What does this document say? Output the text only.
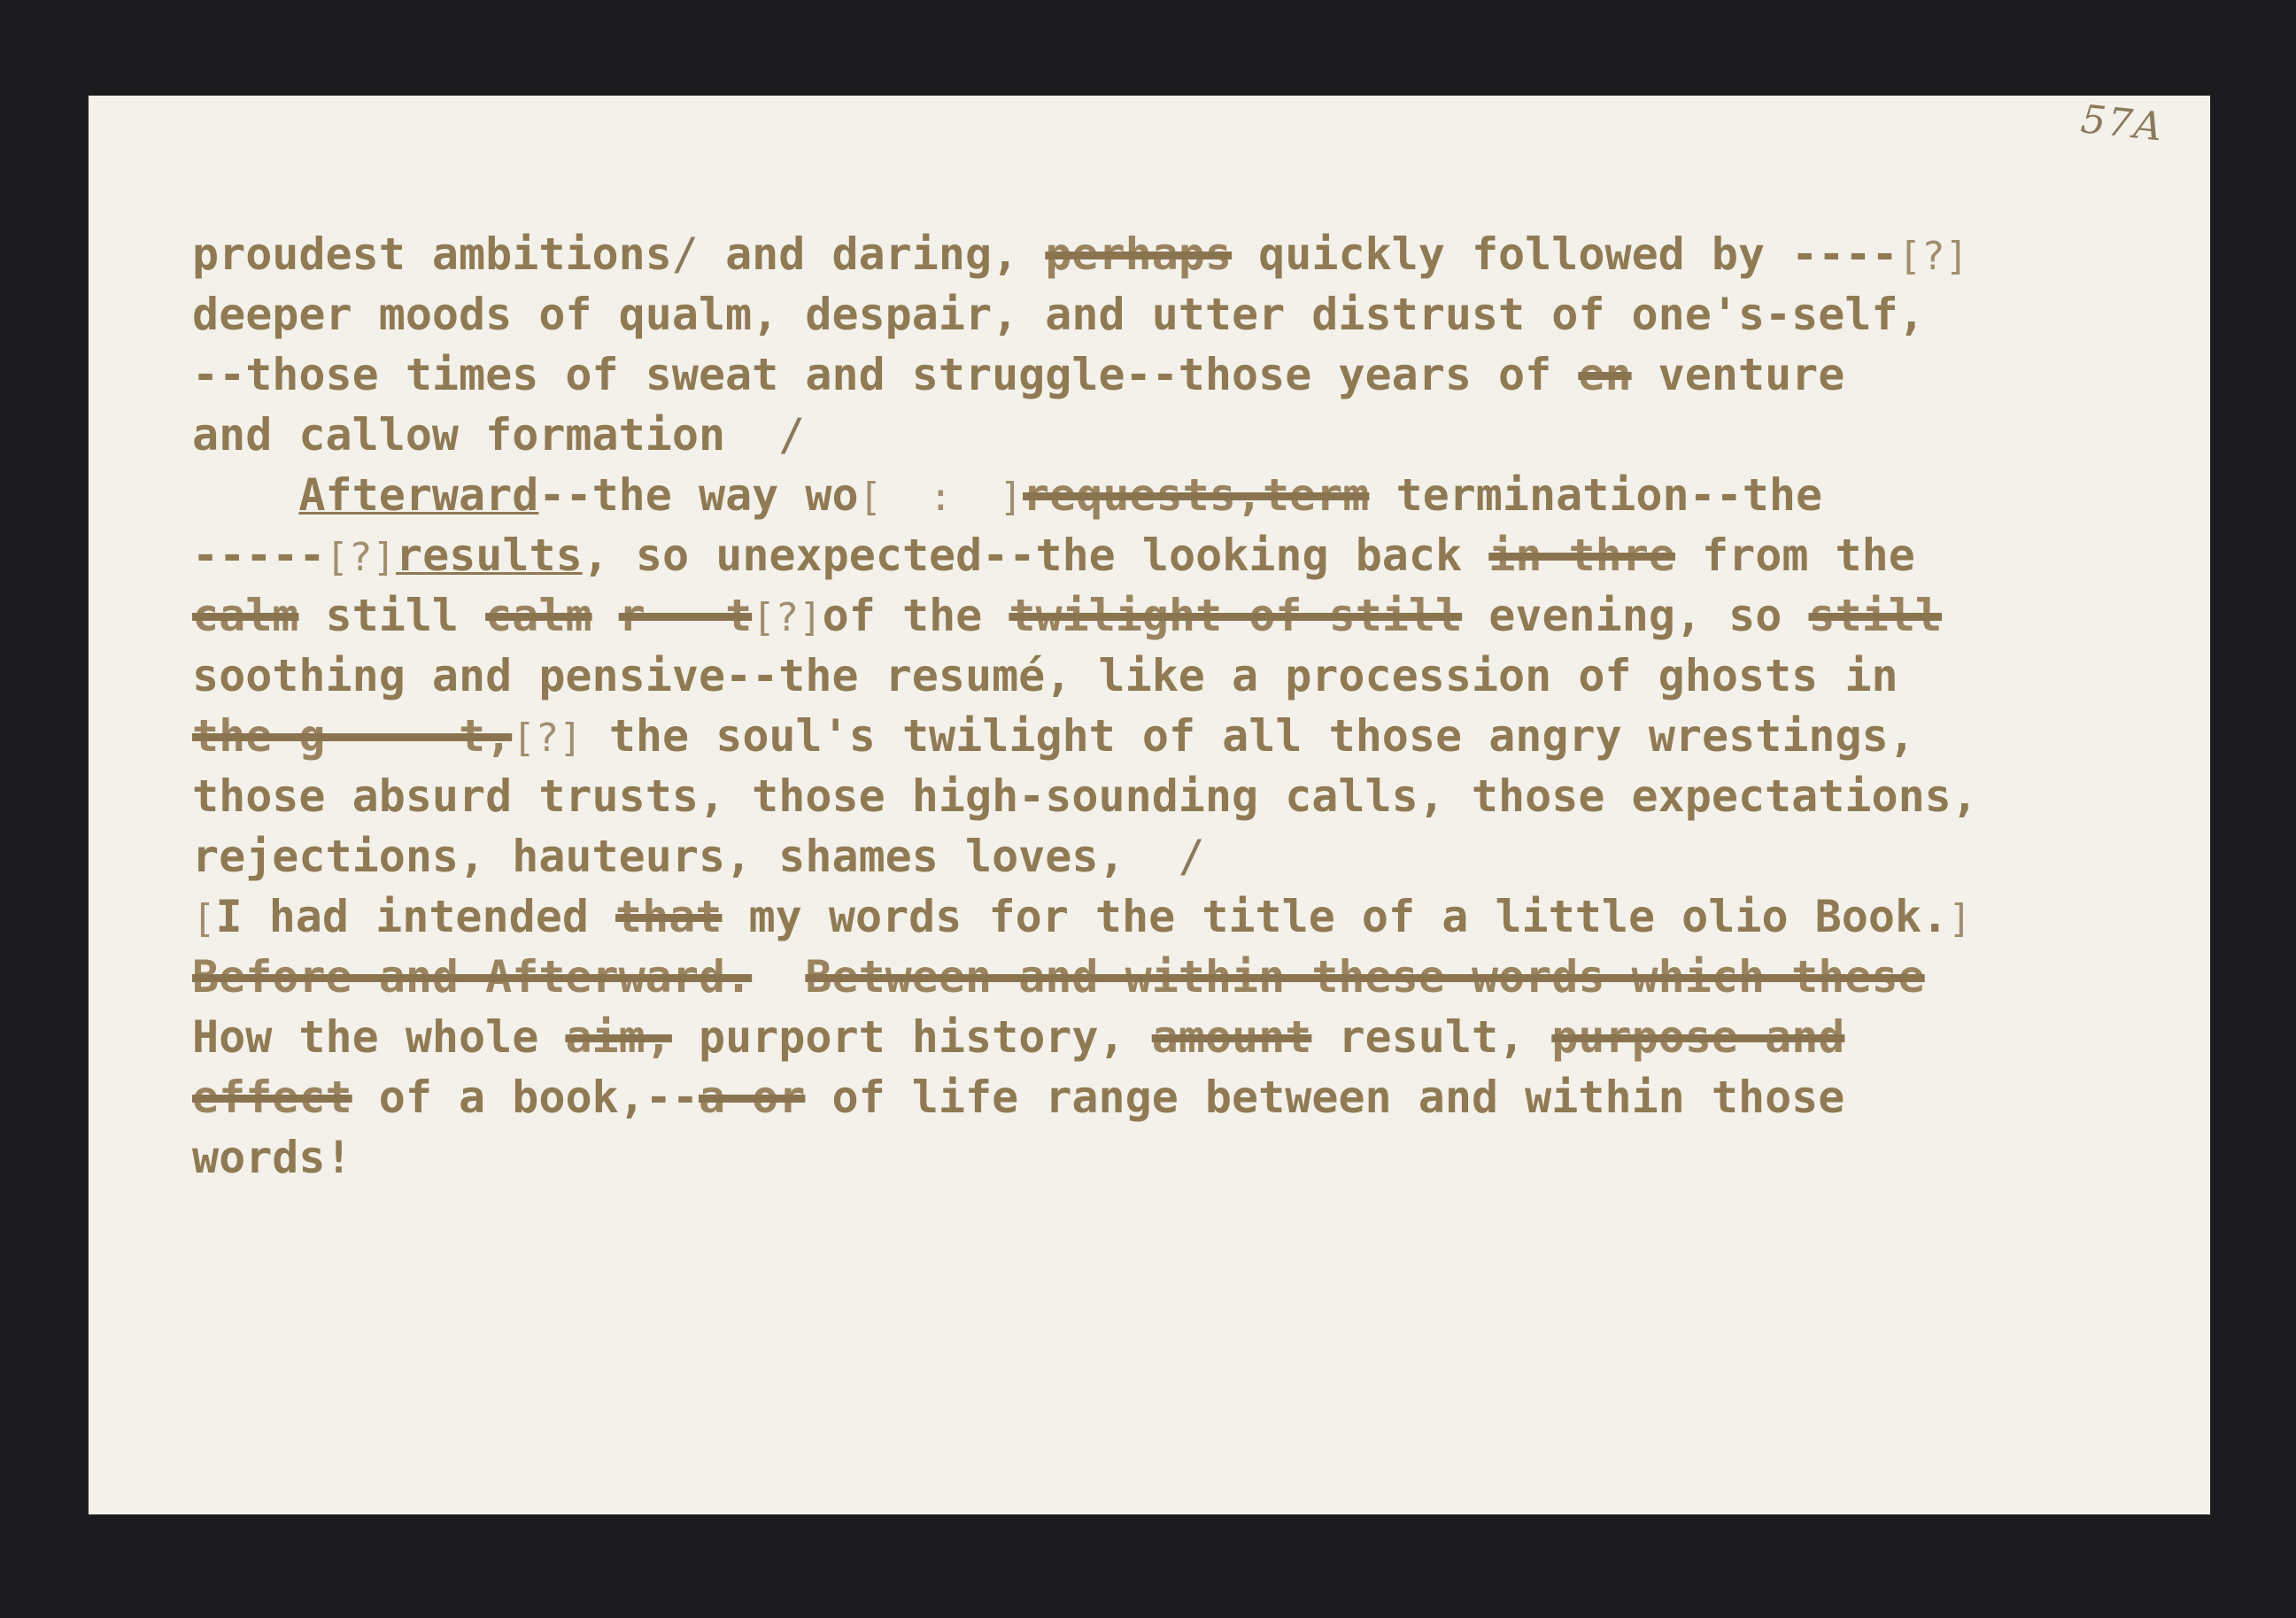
57A
proudest ambitions/ and daring, perhaps quickly followed by ----[?]
deeper moods of qualm, despair, and utter distrust of one's-self,
--those times of sweat and struggle--those years of en venture
and callow formation  /
Afterward--the way wo[  :  ]requests,term termination--the
-----[?]results, so unexpected--the looking back in thre from the
calm still calm r---t[?]of the twilight of still evening, so still
soothing and pensive--the resumé, like a procession of ghosts in
the g-----t,[?] the soul's twilight of all those angry wrestings,
those absurd trusts, those high-sounding calls, those expectations,
rejections, hauteurs, shames loves,  /
[I had intended that my words for the title of a little olio Book.]
Before-and-Afterward. Between-and-within-these-words which-these
How the whole aim, purport history, amount result, purpose and
effect of a book,--a or of life range between and within those
words!
